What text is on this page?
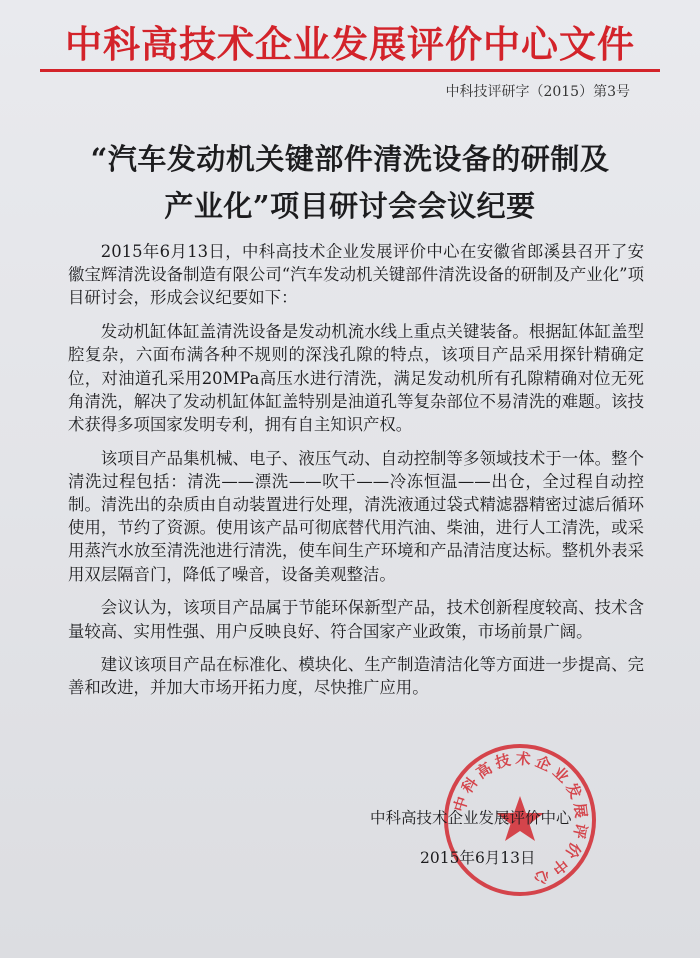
中科高技术企业发展评价中心文件
中科技评研字（2015）第3号
“汽车发动机关键部件清洗设备的研制及
产业化”项目研讨会会议纪要

2015年6月13日，中科高技术企业发展评价中心在安徽省郎溪县召开了安徽宝辉清洗设备制造有限公司“汽车发动机关键部件清洗设备的研制及产业化”项目研讨会，形成会议纪要如下：

发动机缸体缸盖清洗设备是发动机流水线上重点关键装备。根据缸体缸盖型腔复杂，六面布满各种不规则的深浅孔隙的特点，该项目产品采用探针精确定位，对油道孔采用20MPa高压水进行清洗，满足发动机所有孔隙精确对位无死角清洗，解决了发动机缸体缸盖特别是油道孔等复杂部位不易清洗的难题。该技术获得多项国家发明专利，拥有自主知识产权。

该项目产品集机械、电子、液压气动、自动控制等多领域技术于一体。整个清洗过程包括：清洗——漂洗——吹干——冷冻恒温——出仓，全过程自动控制。清洗出的杂质由自动装置进行处理，清洗液通过袋式精滤器精密过滤后循环使用，节约了资源。使用该产品可彻底替代用汽油、柴油，进行人工清洗，或采用蒸汽水放至清洗池进行清洗，使车间生产环境和产品清洁度达标。整机外表采用双层隔音门，降低了噪音，设备美观整洁。

会议认为，该项目产品属于节能环保新型产品，技术创新程度较高、技术含量较高、实用性强、用户反映良好、符合国家产业政策，市场前景广阔。

建议该项目产品在标准化、模块化、生产制造清洁化等方面进一步提高、完善和改进，并加大市场开拓力度，尽快推广应用。

中科高技术企业发展评价中心
中科高技术企业发展评价中心
2015年6月13日
